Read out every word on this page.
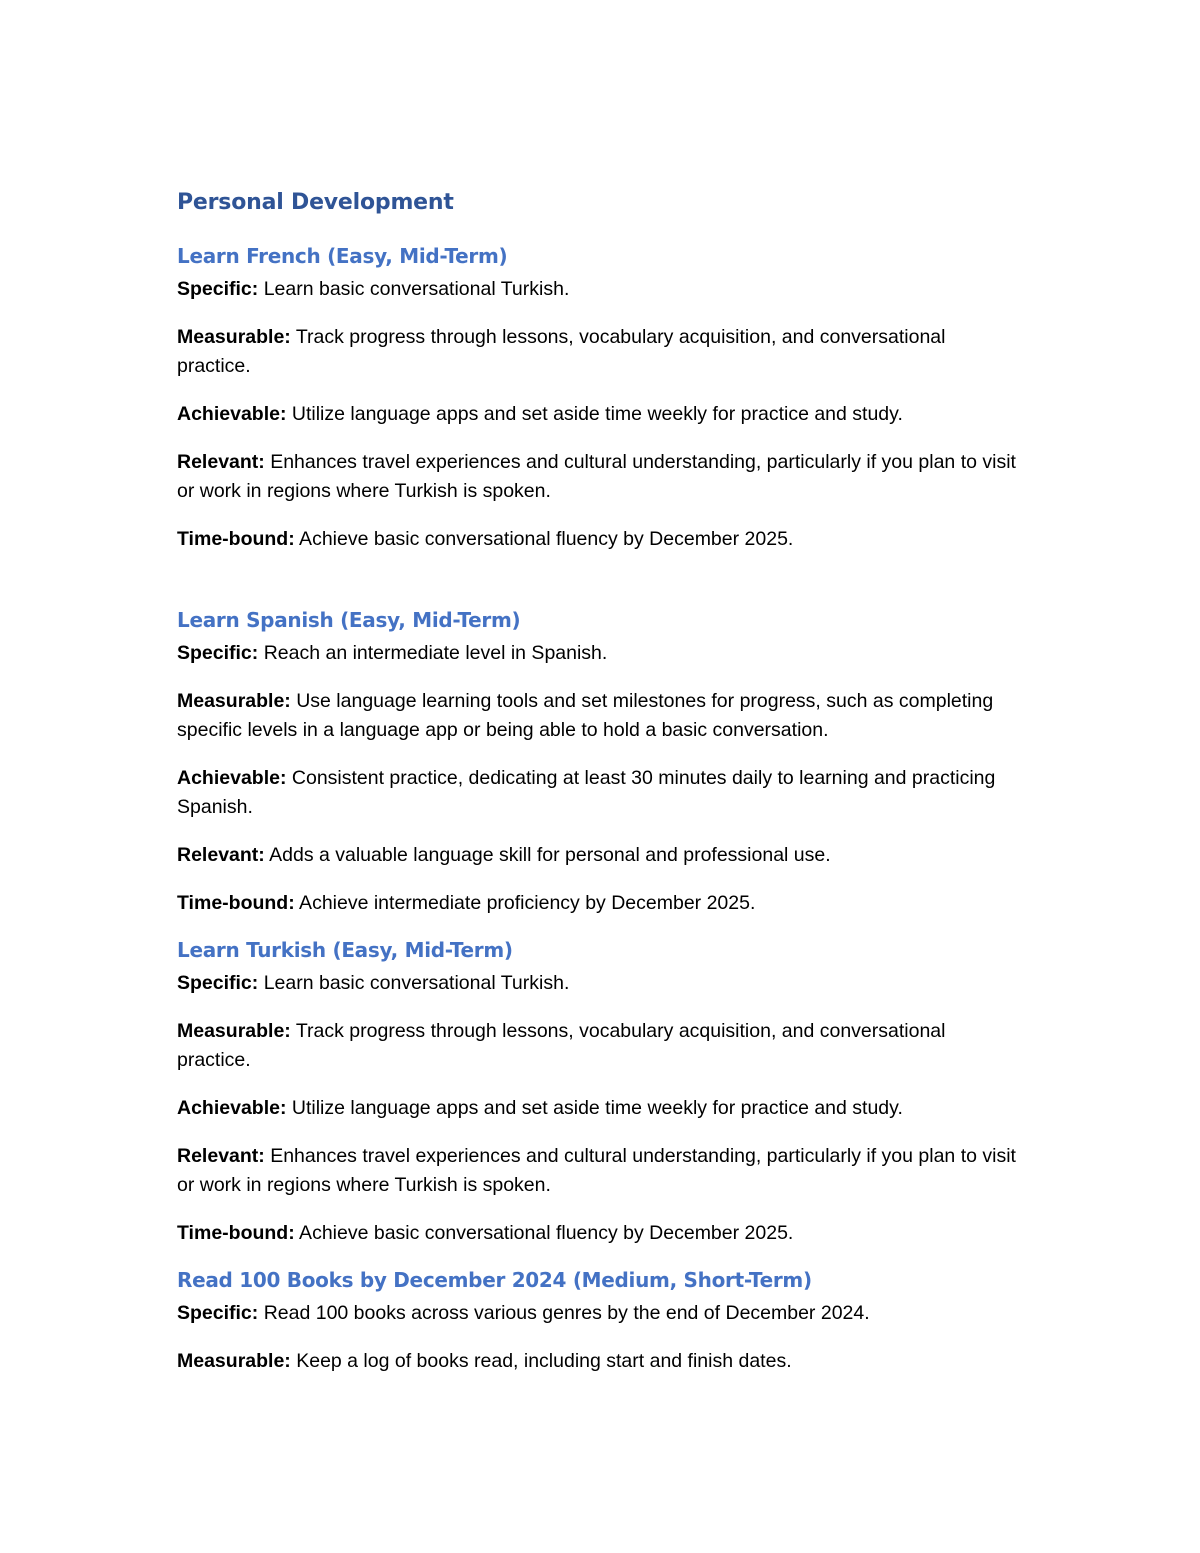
Personal Development
Learn French (Easy, Mid-Term)

Specific: Learn basic conversational Turkish.

Measurable: Track progress through lessons, vocabulary acquisition, and conversational practice.

Achievable: Utilize language apps and set aside time weekly for practice and study.

Relevant: Enhances travel experiences and cultural understanding, particularly if you plan to visit or work in regions where Turkish is spoken.

Time-bound: Achieve basic conversational fluency by December 2025.

Learn Spanish (Easy, Mid-Term)

Specific: Reach an intermediate level in Spanish.

Measurable: Use language learning tools and set milestones for progress, such as completing specific levels in a language app or being able to hold a basic conversation.

Achievable: Consistent practice, dedicating at least 30 minutes daily to learning and practicing Spanish.

Relevant: Adds a valuable language skill for personal and professional use.

Time-bound: Achieve intermediate proficiency by December 2025.

Learn Turkish (Easy, Mid-Term)

Specific: Learn basic conversational Turkish.

Measurable: Track progress through lessons, vocabulary acquisition, and conversational practice.

Achievable: Utilize language apps and set aside time weekly for practice and study.

Relevant: Enhances travel experiences and cultural understanding, particularly if you plan to visit or work in regions where Turkish is spoken.

Time-bound: Achieve basic conversational fluency by December 2025.

Read 100 Books by December 2024 (Medium, Short-Term)

Specific: Read 100 books across various genres by the end of December 2024.

Measurable: Keep a log of books read, including start and finish dates.
